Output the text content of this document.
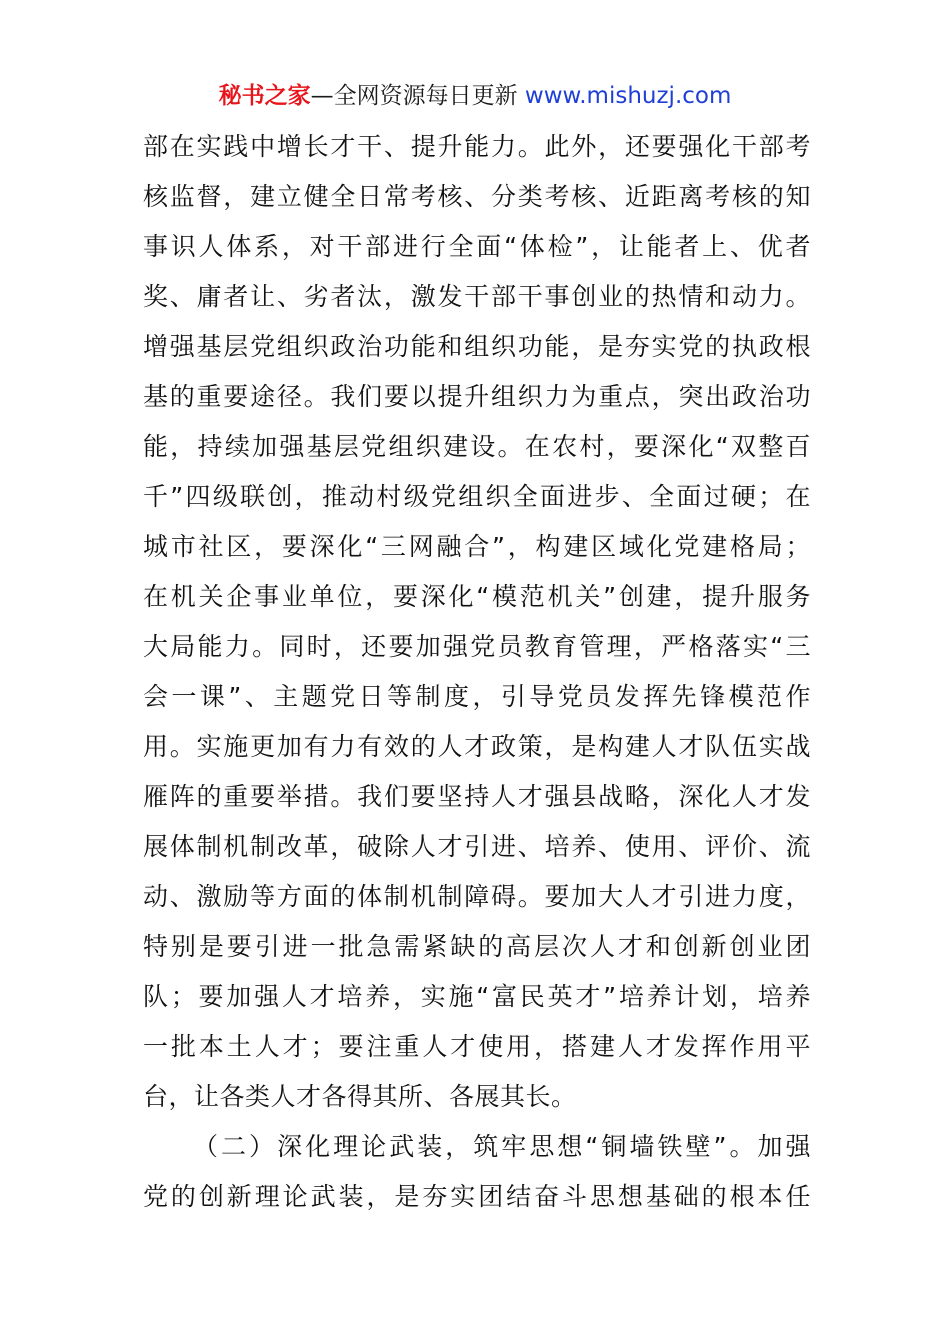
秘书之家—全网资源每日更新 www.mishuzj.com
部在实践中增长才干、提升能力。此外，还要强化干部考
核监督，建立健全日常考核、分类考核、近距离考核的知
事识人体系，对干部进行全面“体检”，让能者上、优者
奖、庸者让、劣者汰，激发干部干事创业的热情和动力。
增强基层党组织政治功能和组织功能，是夯实党的执政根
基的重要途径。我们要以提升组织力为重点，突出政治功
能，持续加强基层党组织建设。在农村，要深化“双整百
千”四级联创，推动村级党组织全面进步、全面过硬；在
城市社区，要深化“三网融合”，构建区域化党建格局；
在机关企事业单位，要深化“模范机关”创建，提升服务
大局能力。同时，还要加强党员教育管理，严格落实“三
会一课”、主题党日等制度，引导党员发挥先锋模范作
用。实施更加有力有效的人才政策，是构建人才队伍实战
雁阵的重要举措。我们要坚持人才强县战略，深化人才发
展体制机制改革，破除人才引进、培养、使用、评价、流
动、激励等方面的体制机制障碍。要加大人才引进力度，
特别是要引进一批急需紧缺的高层次人才和创新创业团
队；要加强人才培养，实施“富民英才”培养计划，培养
一批本土人才；要注重人才使用，搭建人才发挥作用平
台，让各类人才各得其所、各展其长。
（二）深化理论武装，筑牢思想“铜墙铁壁”。加强
党的创新理论武装，是夯实团结奋斗思想基础的根本任
